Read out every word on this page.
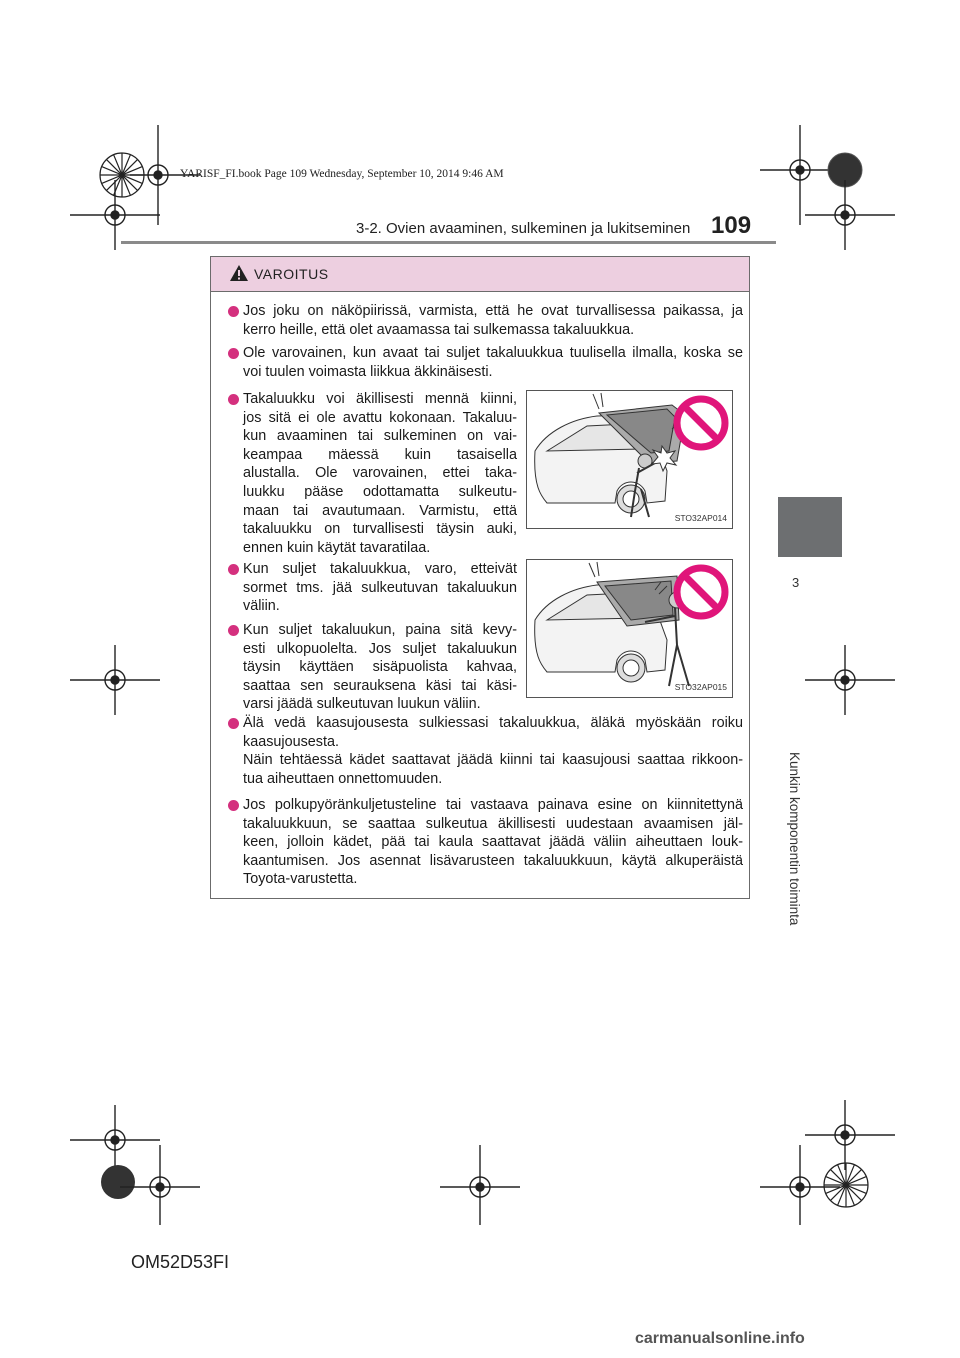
YARISF_FI.book Page 109 Wednesday, September 10, 2014 9:46 AM
3-2. Ovien avaaminen, sulkeminen ja lukitseminen 109
3
Kunkin komponentin toiminta
VAROITUS
Jos joku on näköpiirissä, varmista, että he ovat turvallisessa paikassa, ja
kerro heille, että olet avaamassa tai sulkemassa takaluukkua.
Ole varovainen, kun avaat tai suljet takaluukkua tuulisella ilmalla, koska se
voi tuulen voimasta liikkua äkkinäisesti.
Takaluukku voi äkillisesti mennä kiinni,
jos sitä ei ole avattu kokonaan. Takaluu-
kun avaaminen tai sulkeminen on vai-
keampaa mäessä kuin tasaisella
alustalla. Ole varovainen, ettei taka-
luukku pääse odottamatta sulkeutu-
maan tai avautumaan. Varmistu, että
takaluukku on turvallisesti täysin auki,
ennen kuin käytät tavaratilaa.
STO32AP014
Kun suljet takaluukkua, varo, etteivät
sormet tms. jää sulkeutuvan takaluukun
väliin.
Kun suljet takaluukun, paina sitä kevy-
esti ulkopuolelta. Jos suljet takaluukun
täysin käyttäen sisäpuolista kahvaa,
saattaa sen seurauksena käsi tai käsi-
varsi jäädä sulkeutuvan luukun väliin.
STO32AP015
Älä vedä kaasujousesta sulkiessasi takaluukkua, äläkä myöskään roiku
kaasujousesta.
Näin tehtäessä kädet saattavat jäädä kiinni tai kaasujousi saattaa rikkoon-
tua aiheuttaen onnettomuuden.
Jos polkupyöränkuljetusteline tai vastaava painava esine on kiinnitettynä
takaluukkuun, se saattaa sulkeutua äkillisesti uudestaan avaamisen jäl-
keen, jolloin kädet, pää tai kaula saattavat jäädä väliin aiheuttaen louk-
kaantumisen. Jos asennat lisävarusteen takaluukkuun, käytä alkuperäistä
Toyota-varustetta.
OM52D53FI
carmanualsonline.info
